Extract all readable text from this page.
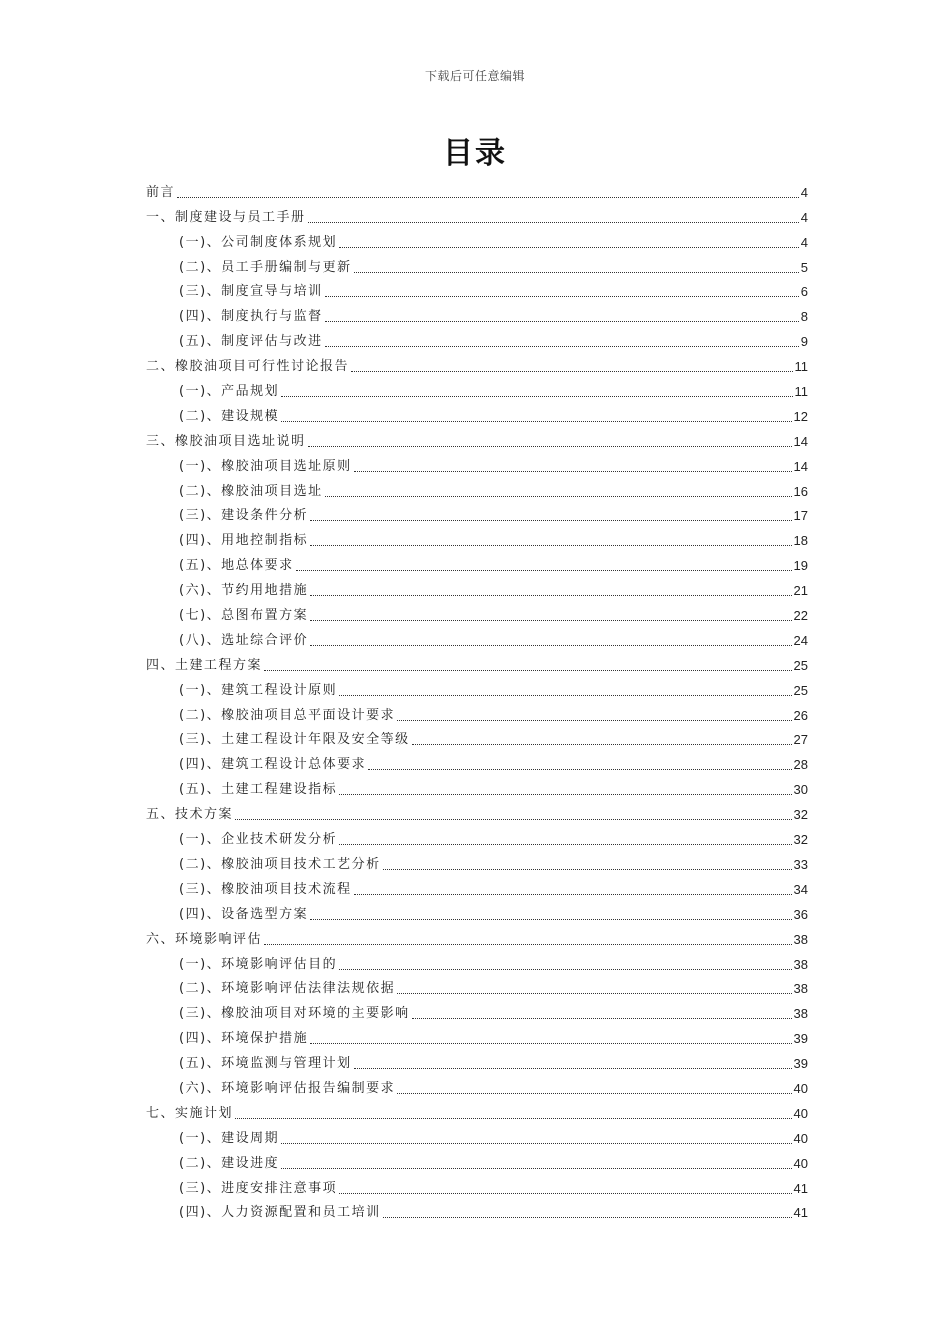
下载后可任意编辑
目录
前言	4
一、制度建设与员工手册	4
(一)、公司制度体系规划	4
(二)、员工手册编制与更新	5
(三)、制度宣导与培训	6
(四)、制度执行与监督	8
(五)、制度评估与改进	9
二、橡胶油项目可行性讨论报告	11
(一)、产品规划	11
(二)、建设规模	12
三、橡胶油项目选址说明	14
(一)、橡胶油项目选址原则	14
(二)、橡胶油项目选址	16
(三)、建设条件分析	17
(四)、用地控制指标	18
(五)、地总体要求	19
(六)、节约用地措施	21
(七)、总图布置方案	22
(八)、选址综合评价	24
四、土建工程方案	25
(一)、建筑工程设计原则	25
(二)、橡胶油项目总平面设计要求	26
(三)、土建工程设计年限及安全等级	27
(四)、建筑工程设计总体要求	28
(五)、土建工程建设指标	30
五、技术方案	32
(一)、企业技术研发分析	32
(二)、橡胶油项目技术工艺分析	33
(三)、橡胶油项目技术流程	34
(四)、设备选型方案	36
六、环境影响评估	38
(一)、环境影响评估目的	38
(二)、环境影响评估法律法规依据	38
(三)、橡胶油项目对环境的主要影响	38
(四)、环境保护措施	39
(五)、环境监测与管理计划	39
(六)、环境影响评估报告编制要求	40
七、实施计划	40
(一)、建设周期	40
(二)、建设进度	40
(三)、进度安排注意事项	41
(四)、人力资源配置和员工培训	41
